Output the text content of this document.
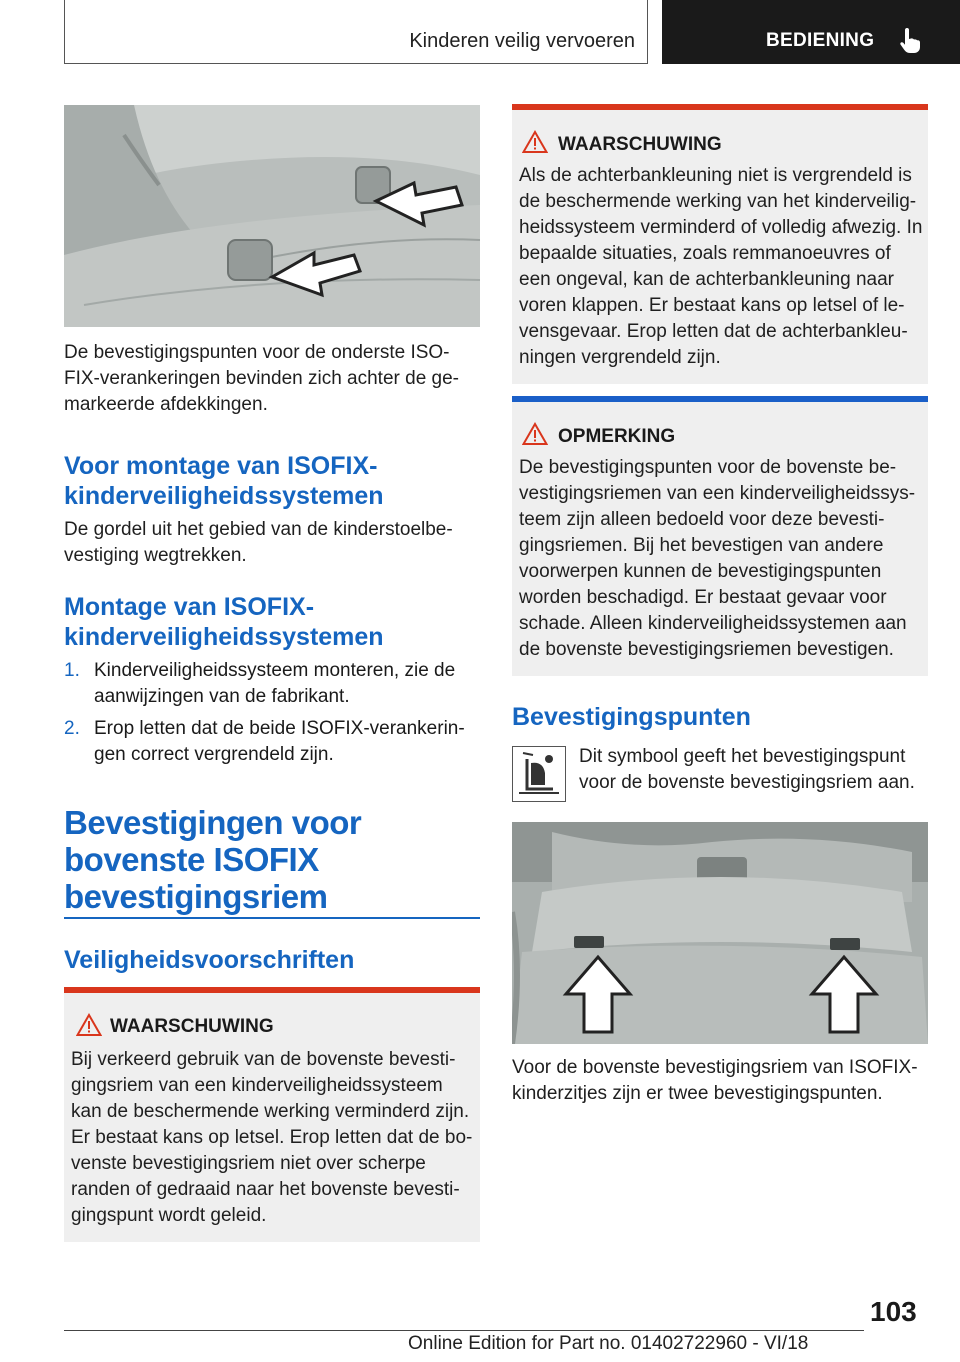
Kinderen veilig vervoeren	BEDIENING
De bevestigingspunten voor de onderste ISO-FIX-verankeringen bevinden zich achter de ge-markeerde afdekkingen.
Voor montage van ISOFIX-kinderveiligheidssystemen
De gordel uit het gebied van de kinderstoelbe-vestiging wegtrekken.
Montage van ISOFIX-kinderveiligheidssystemen
1. Kinderveiligheidssysteem monteren, zie de aanwijzingen van de fabrikant.
2. Erop letten dat de beide ISOFIX-verankerin-gen correct vergrendeld zijn.
Bevestigingen voor bovenste ISOFIX bevestigingsriem
Veiligheidsvoorschriften
WAARSCHUWING
Bij verkeerd gebruik van de bovenste bevesti-gingsriem van een kinderveiligheidssysteem kan de beschermende werking verminderd zijn. Er bestaat kans op letsel. Erop letten dat de bo-venste bevestigingsriem niet over scherpe randen of gedraaid naar het bovenste bevesti-gingspunt wordt geleid.
WAARSCHUWING
Als de achterbankleuning niet is vergrendeld is de beschermende werking van het kinderveilig-heidssysteem verminderd of volledig afwezig. In bepaalde situaties, zoals remmanoeuvres of een ongeval, kan de achterbankleuning naar voren klappen. Er bestaat kans op letsel of le-vensgevaar. Erop letten dat de achterbankleu-ningen vergrendeld zijn.
OPMERKING
De bevestigingspunten voor de bovenste be-vestigingsriemen van een kinderveiligheidssys-teem zijn alleen bedoeld voor deze bevesti-gingsriemen. Bij het bevestigen van andere voorwerpen kunnen de bevestigingspunten worden beschadigd. Er bestaat gevaar voor schade. Alleen kinderveiligheidssystemen aan de bovenste bevestigingsriemen bevestigen.
Bevestigingspunten
Dit symbool geeft het bevestigingspunt voor de bovenste bevestigingsriem aan.
Voor de bovenste bevestigingsriem van ISOFIX-kinderzitjes zijn er twee bevestigingspunten.
103
Online Edition for Part no. 01402722960 - VI/18
